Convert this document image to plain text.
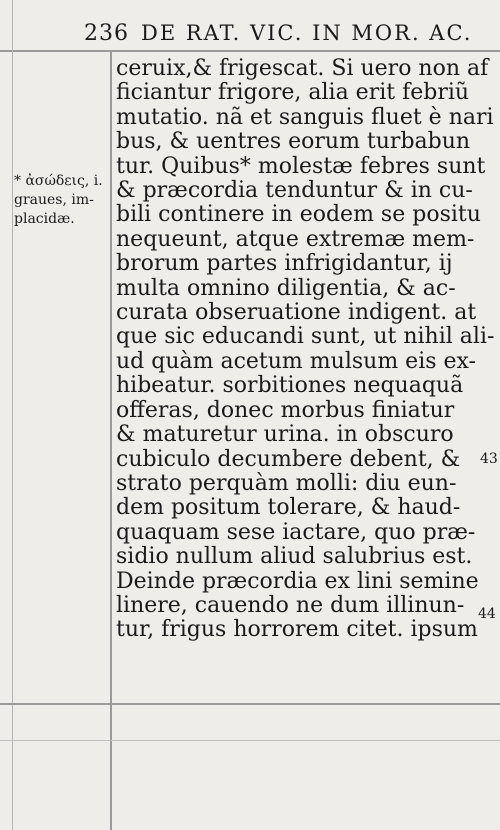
236 DE RAT. VIC. IN MOR. AC.
* ἀσώδεις, i.
graues, im-
placidæ.
ceruix,& frigescat. Si uero non af
ficiantur frigore, alia erit febriũ
mutatio. nã et sanguis fluet è nari
bus, & uentres eorum turbabun
tur. Quibus* molestæ febres sunt
& præcordia tenduntur & in cu-
bili continere in eodem se positu
nequeunt, atque extremæ mem-
brorum partes infrigidantur, ij
multa omnino diligentia, & ac-
curata obseruatione indigent. at
que sic educandi sunt, ut nihil ali-
ud quàm acetum mulsum eis ex-
hibeatur. sorbitiones nequaquã
offeras, donec morbus finiatur
& maturetur urina. in obscuro
cubiculo decumbere debent, &
strato perquàm molli: diu eun-
dem positum tolerare, & haud-
quaquam sese iactare, quo præ-
sidio nullum aliud salubrius est.
Deinde præcordia ex lini semine
linere, cauendo ne dum illinun-
tur, frigus horrorem citet. ipsum
43
44
